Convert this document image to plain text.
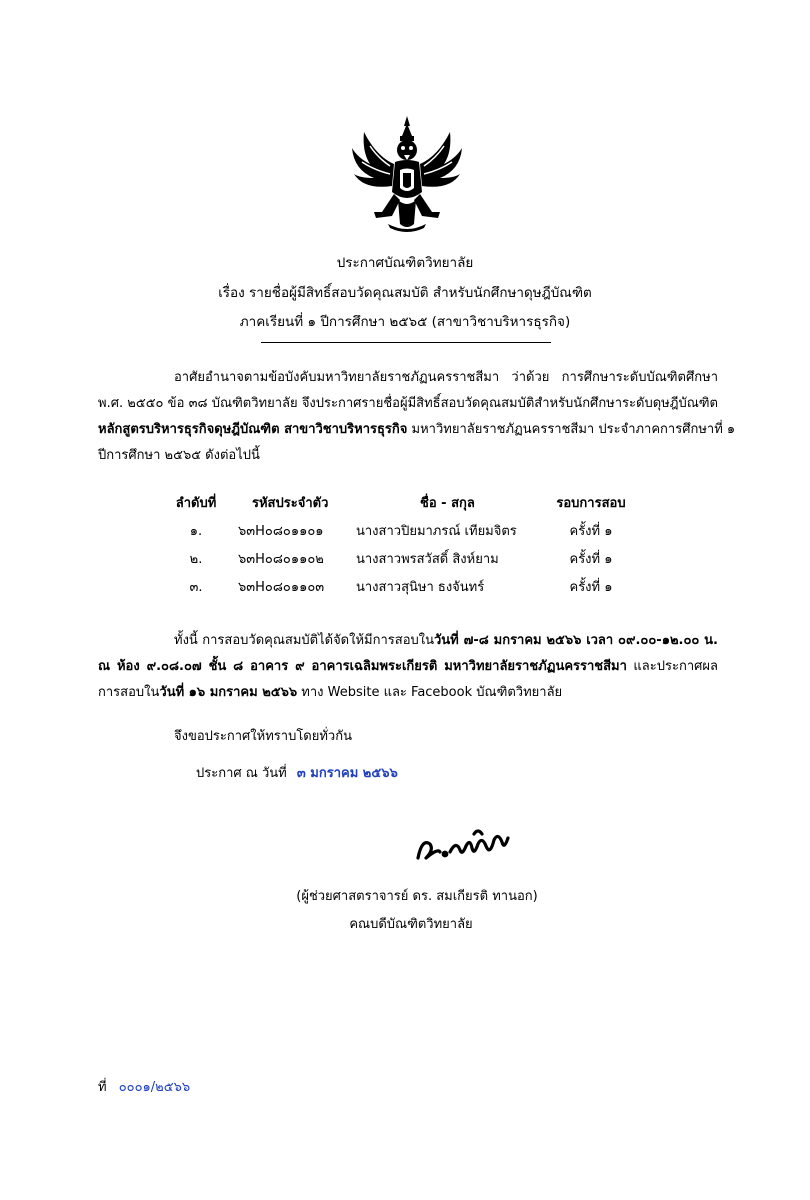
ประกาศบัณฑิตวิทยาลัย
เรื่อง รายชื่อผู้มีสิทธิ์สอบวัดคุณสมบัติ สำหรับนักศึกษาดุษฎีบัณฑิต
ภาคเรียนที่ ๑ ปีการศึกษา ๒๕๖๕ (สาขาวิชาบริหารธุรกิจ)
อาศัยอำนาจตามข้อบังคับมหาวิทยาลัยราชภัฏนครราชสีมา ว่าด้วย การศึกษาระดับบัณฑิตศึกษา
พ.ศ. ๒๕๕๐ ข้อ ๓๘ บัณฑิตวิทยาลัย จึงประกาศรายชื่อผู้มีสิทธิ์สอบวัดคุณสมบัติสำหรับนักศึกษาระดับดุษฎีบัณฑิต
หลักสูตรบริหารธุรกิจดุษฎีบัณฑิต สาขาวิชาบริหารธุรกิจ มหาวิทยาลัยราชภัฏนครราชสีมา ประจำภาคการศึกษาที่ ๑
ปีการศึกษา ๒๕๖๕ ดังต่อไปนี้
ลำดับที่	รหัสประจำตัว	ชื่อ - สกุล	รอบการสอบ
๑.	๖๓H๐๘๐๑๑๐๑	นางสาวปิยมาภรณ์ เทียมจิตร	ครั้งที่ ๑
๒.	๖๓H๐๘๐๑๑๐๒	นางสาวพรสวัสดิ์ สิงห์ยาม	ครั้งที่ ๑
๓.	๖๓H๐๘๐๑๑๐๓	นางสาวสุนิษา ธงจันทร์	ครั้งที่ ๑
ทั้งนี้ การสอบวัดคุณสมบัติได้จัดให้มีการสอบในวันที่ ๗-๘ มกราคม ๒๕๖๖ เวลา ๐๙.๐๐-๑๒.๐๐ น.
ณ ห้อง ๙.๐๘.๐๗ ชั้น ๘ อาคาร ๙ อาคารเฉลิมพระเกียรติ มหาวิทยาลัยราชภัฏนครราชสีมา และประกาศผล
การสอบในวันที่ ๑๖ มกราคม ๒๕๖๖ ทาง Website และ Facebook บัณฑิตวิทยาลัย
จึงขอประกาศให้ทราบโดยทั่วกัน
ประกาศ ณ วันที่ ๓ มกราคม ๒๕๖๖
(ผู้ช่วยศาสตราจารย์ ดร. สมเกียรติ ทานอก)
คณบดีบัณฑิตวิทยาลัย
ที่ ๐๐๐๑/๒๕๖๖
